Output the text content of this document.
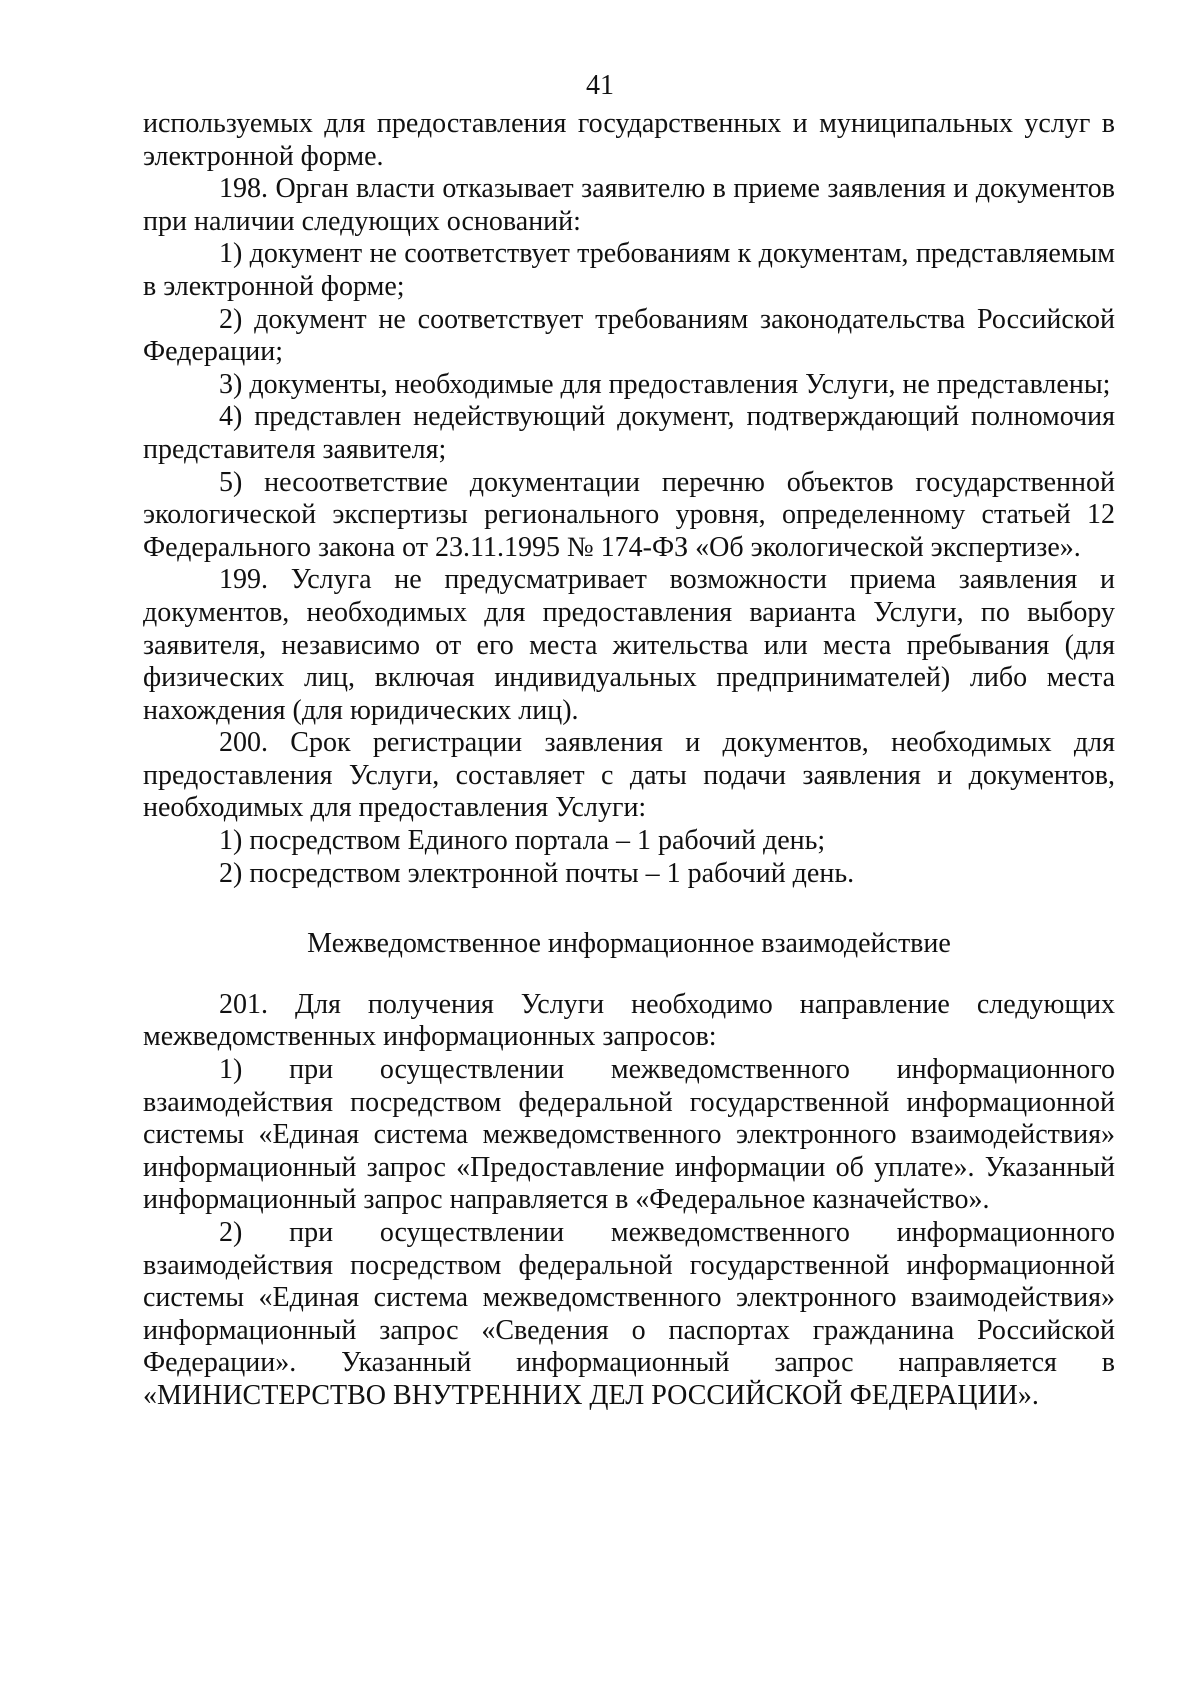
41

используемых для предоставления государственных и муниципальных услуг в электронной форме.

198. Орган власти отказывает заявителю в приеме заявления и документов при наличии следующих оснований:

1) документ не соответствует требованиям к документам, представляемым в электронной форме;

2) документ не соответствует требованиям законодательства Российской Федерации;

3) документы, необходимые для предоставления Услуги, не представлены;

4) представлен недействующий документ, подтверждающий полномочия представителя заявителя;

5) несоответствие документации перечню объектов государственной экологической экспертизы регионального уровня, определенному статьей 12 Федерального закона от 23.11.1995 № 174-ФЗ «Об экологической экспертизе».

199. Услуга не предусматривает возможности приема заявления и документов, необходимых для предоставления варианта Услуги, по выбору заявителя, независимо от его места жительства или места пребывания (для физических лиц, включая индивидуальных предпринимателей) либо места нахождения (для юридических лиц).

200. Срок регистрации заявления и документов, необходимых для предоставления Услуги, составляет с даты подачи заявления и документов, необходимых для предоставления Услуги:

1) посредством Единого портала – 1 рабочий день;

2) посредством электронной почты – 1 рабочий день.

Межведомственное информационное взаимодействие

201. Для получения Услуги необходимо направление следующих межведомственных информационных запросов:

1) при осуществлении межведомственного информационного взаимодействия посредством федеральной государственной информационной системы «Единая система межведомственного электронного взаимодействия» информационный запрос «Предоставление информации об уплате». Указанный информационный запрос направляется в «Федеральное казначейство».

2) при осуществлении межведомственного информационного взаимодействия посредством федеральной государственной информационной системы «Единая система межведомственного электронного взаимодействия» информационный запрос «Сведения о паспортах гражданина Российской Федерации». Указанный информационный запрос направляется в «МИНИСТЕРСТВО ВНУТРЕННИХ ДЕЛ РОССИЙСКОЙ ФЕДЕРАЦИИ».
